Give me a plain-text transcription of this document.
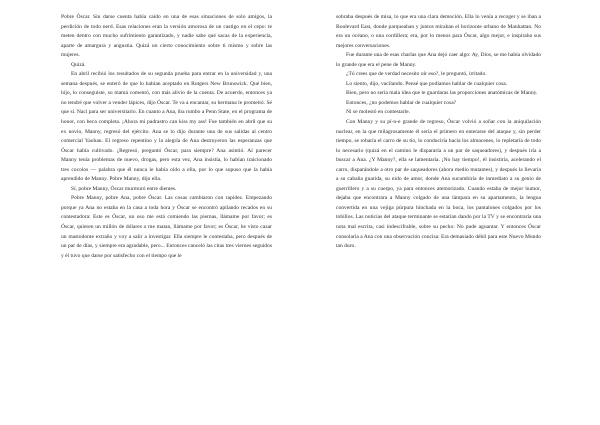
Pobre Óscar. Sin darse cuenta había caído en una de esas situaciones de solo amigos, la perdición de todo nerd. Esas relaciones eran la versión amorosa de un castigo en el cepo: te meten dentro con mucho sufrimiento garantizado, y nadie sabe qué sacas de la experiencia, aparte de amargura y angustia. Quizá un cierto conocimiento sobre ti mismo y sobre las mujeres.

Quizá.

En abril recibió los resultados de su segunda prueba para entrar en la universidad y, una semana después, se enteró de que lo habían aceptado en Rutgers New Brunswick. Qué bien, hijo, lo conseguiste, su mamá comentó, con más alivio de la cuenta. De acuerdo, entonces ya no tendré que volver a vender lápices, dijo Óscar. Te va a encantar, su hermana le prometió. Sé que sí. Nací para ser universitario. En cuanto a Ana, iba rumbo a Penn State, en el programa de honor, con beca completa. ¡Ahora mi padrastro can kiss my ass! Fue también en abril que su ex novio, Manny, regresó del ejército. Ana se lo dijo durante una de sus salidas al centro comercial Yaohan. El regreso repentino y la alegría de Ana destruyeron las esperanzas que Óscar había cultivado. ¿Regresó, preguntó Óscar, para siempre? Ana asintió. Al parecer Manny tenía problemas de nuevo, drogas, pero esta vez, Ana insistía, lo habían traicionado tres cocolos — palabra que él nunca le había oído a ella, por lo que supuso que la había aprendido de Manny. Pobre Manny, dijo ella.

Sí, pobre Manny, Óscar murmuró entre dientes.

Pobre Manny, pobre Ana, pobre Óscar. Las cosas cambiaron con rapidez. Empezando porque ya Ana no estaba en la casa a toda hora y Óscar se encontró apilando recados en su contestadora: Este es Óscar, un oso me está comiendo las piernas, llámame por favor; es Óscar, quieren un millón de dólares o me matan, llámame por favor; es Óscar, he visto cazar un mastodonte extraño y voy a salir a investigar. Ella siempre le contestaba, pero después de un par de días, y siempre era agradable, pero... Entonces canceló las citas tres viernes seguidos y él tuvo que darse por satisfecho con el tiempo que le

sobraba después de misa, lo que era una clara democión. Ella lo venía a recoger y se iban a Boulevard East, donde parqueaban y juntos miraban el horizonte urbano de Manhattan. No era un océano, o una cordillera; era, por lo menos para Óscar, algo mejor, e inspiraba sus mejores conversaciones.

Fue durante una de esas charlas que Ana dejó caer algo: Ay, Dios, se me había olvidado lo grande que era el pene de Manny.

¿Tú crees que de verdad necesito oír eso?, le preguntó, irritado.

Lo siento, dijo, vacilando. Pensé que podíamos hablar de cualquier cosa.

Bien, pero no sería mala idea que te guardaras las proporciones anatómicas de Manny.

Entonces, ¿no podemos hablar de cualquier cosa?

Ni se molestó en contestarle.

Con Manny y su pí-n-e grande de regreso, Óscar volvió a soñar con la aniquilación nuclear, en la que milagrosamente él sería el primero en enterarse del ataque y, sin perder tiempo, se robaría el carro de su tío, lo conduciría hacia los almacenes, lo repletaría de todo lo necesario (quizá en el camino le dispararía a un par de saqueadores), y después iría a buscar a Ana. ¿Y Manny?, ella se lamentaría. ¡No hay tiempo!, él insistiría, acelerando el carro, disparándole a otro par de saqueadores (ahora medio mutantes), y después la llevaría a su cabaña guarida, su nido de amor, donde Ana sucumbiría de inmediato a su genio de guerrillero y a su cuerpo, ya para entonces atemorizado. Cuando estaba de mejor humor, dejaba que encontrara a Manny colgado de una lámpara en su apartamento, la lengua convertida en una vejiga púrpura hinchada en la boca, los pantalones colgados por los tobillos. Las noticias del ataque terminante se estarían dando por la TV y se encontraría una nota mal escrita, casi indescifrable, sobre su pecho: No pude aguantar. Y entonces Óscar consolaría a Ana con una observación concisa: Era demasiado débil para este Nuevo Mundo tan duro.
